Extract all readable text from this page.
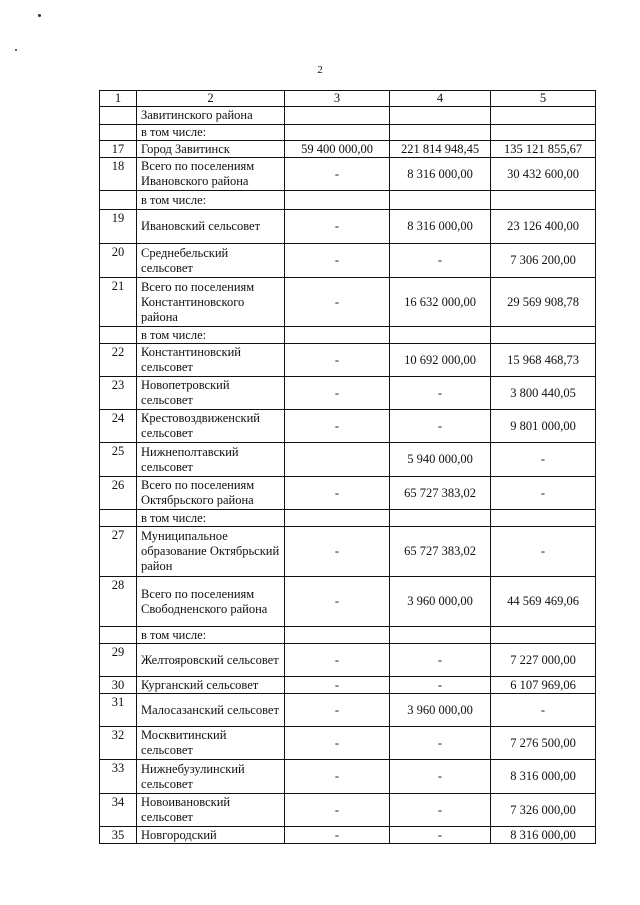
2
1	2	3	4	5
	Завитинского района			
	в том числе:			
17	Город Завитинск	59 400 000,00	221 814 948,45	135 121 855,67
18	Всего по поселениям Ивановского района	-	8 316 000,00	30 432 600,00
	в том числе:			
19	Ивановский сельсовет	-	8 316 000,00	23 126 400,00
20	Среднебельский сельсовет	-	-	7 306 200,00
21	Всего по поселениям Константиновского района	-	16 632 000,00	29 569 908,78
	в том числе:			
22	Константиновский сельсовет	-	10 692 000,00	15 968 468,73
23	Новопетровский сельсовет	-	-	3 800 440,05
24	Крестовоздвиженский сельсовет	-	-	9 801 000,00
25	Нижнеполтавский сельсовет		5 940 000,00	-
26	Всего по поселениям Октябрьского района	-	65 727 383,02	-
	в том числе:			
27	Муниципальное образование Октябрьский район	-	65 727 383,02	-
28	Всего по поселениям Свободненского района	-	3 960 000,00	44 569 469,06
	в том числе:			
29	Желтояровский сельсовет	-	-	7 227 000,00
30	Курганский сельсовет	-	-	6 107 969,06
31	Малосазанский сельсовет	-	3 960 000,00	-
32	Москвитинский сельсовет	-	-	7 276 500,00
33	Нижнебузулинский сельсовет	-	-	8 316 000,00
34	Новоивановский сельсовет	-	-	7 326 000,00
35	Новгородский	-	-	8 316 000,00
